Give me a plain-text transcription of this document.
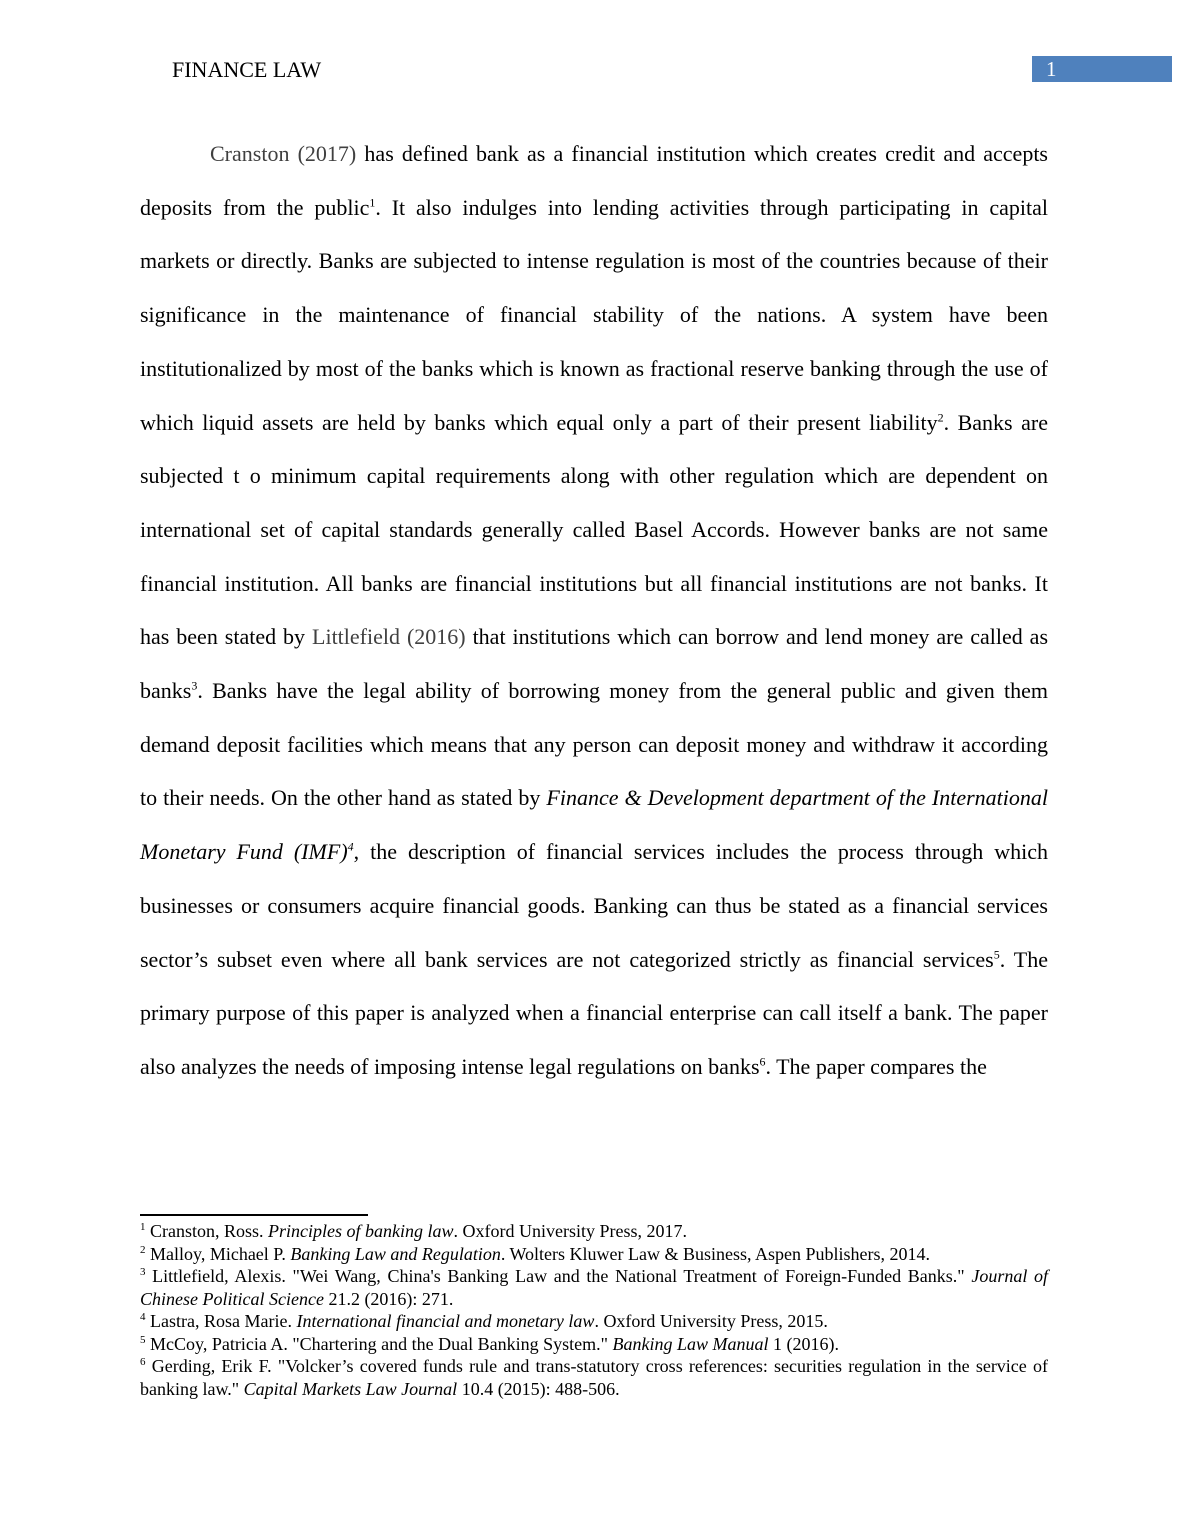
FINANCE LAW	1

Cranston (2017) has defined bank as a financial institution which creates credit and accepts deposits from the public$^1$. It also indulges into lending activities through participating in capital markets or directly. Banks are subjected to intense regulation is most of the countries because of their significance in the maintenance of financial stability of the nations. A system have been institutionalized by most of the banks which is known as fractional reserve banking through the use of which liquid assets are held by banks which equal only a part of their present liability$^2$. Banks are subjected t o minimum capital requirements along with other regulation which are dependent on international set of capital standards generally called Basel Accords. However banks are not same financial institution. All banks are financial institutions but all financial institutions are not banks. It has been stated by Littlefield (2016) that institutions which can borrow and lend money are called as banks$^3$. Banks have the legal ability of borrowing money from the general public and given them demand deposit facilities which means that any person can deposit money and withdraw it according to their needs. On the other hand as stated by Finance & Development department of the International Monetary Fund (IMF)$^4$, the description of financial services includes the process through which businesses or consumers acquire financial goods. Banking can thus be stated as a financial services sector’s subset even where all bank services are not categorized strictly as financial services$^5$. The primary purpose of this paper is analyzed when a financial enterprise can call itself a bank. The paper also analyzes the needs of imposing intense legal regulations on banks$^6$. The paper compares the

$^1$ Cranston, Ross. Principles of banking law. Oxford University Press, 2017.

$^2$ Malloy, Michael P. Banking Law and Regulation. Wolters Kluwer Law & Business, Aspen Publishers, 2014.

$^3$ Littlefield, Alexis. "Wei Wang, China's Banking Law and the National Treatment of Foreign-Funded Banks." Journal of Chinese Political Science 21.2 (2016): 271.

$^4$ Lastra, Rosa Marie. International financial and monetary law. Oxford University Press, 2015.

$^5$ McCoy, Patricia A. "Chartering and the Dual Banking System." Banking Law Manual 1 (2016).

$^6$ Gerding, Erik F. "Volcker’s covered funds rule and trans-statutory cross references: securities regulation in the service of banking law." Capital Markets Law Journal 10.4 (2015): 488-506.
